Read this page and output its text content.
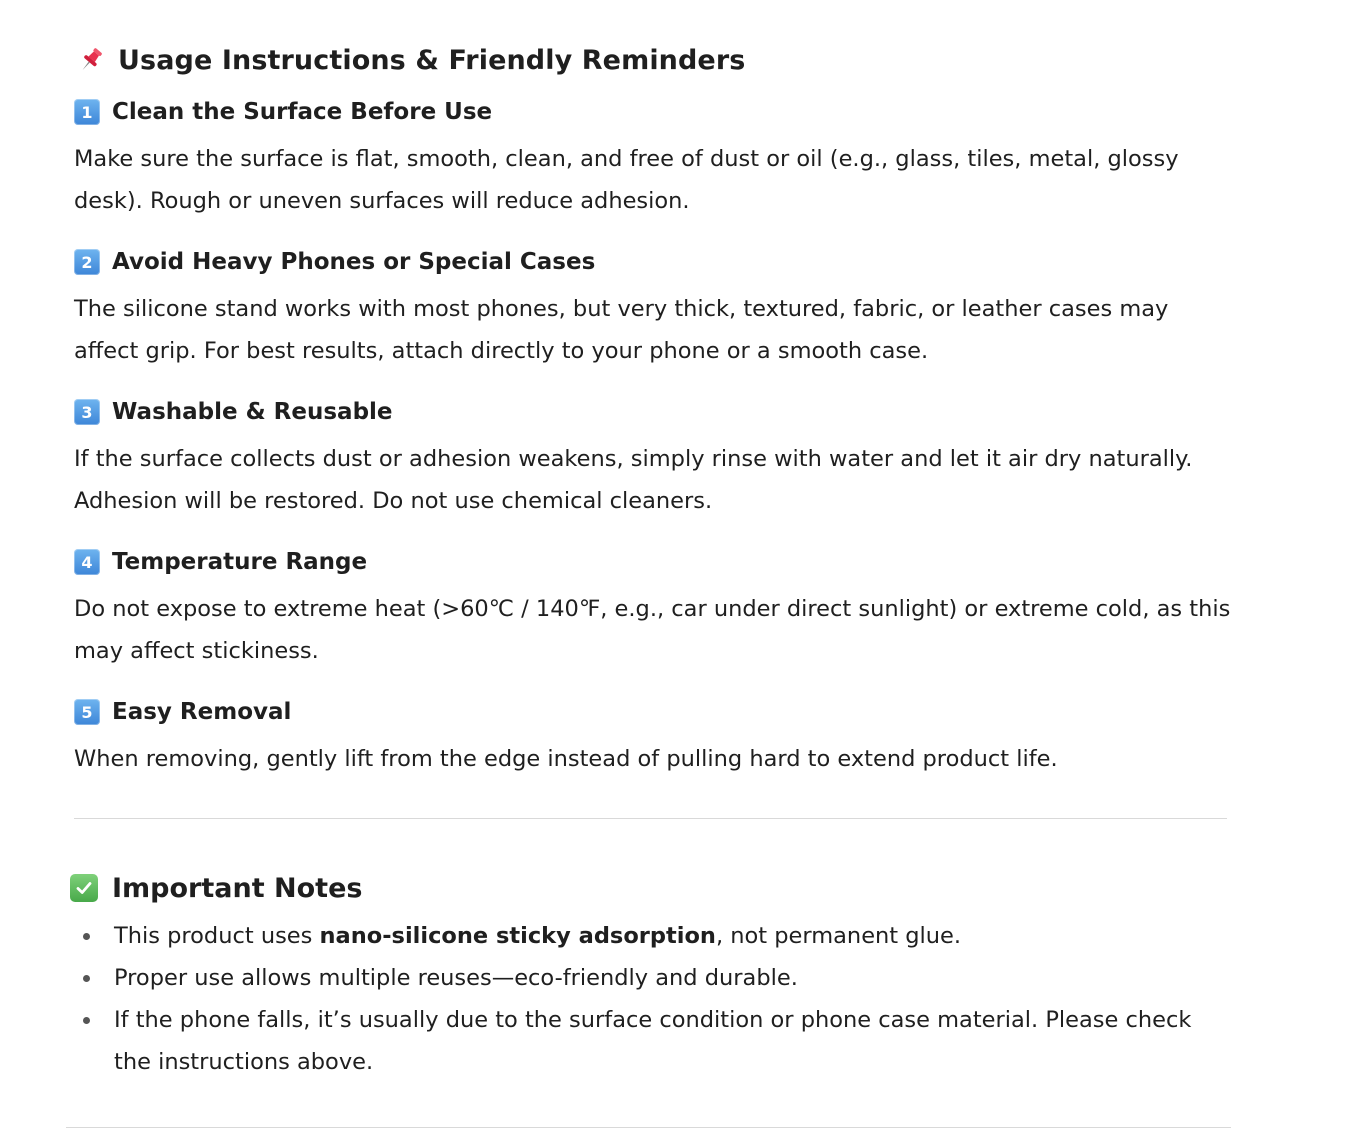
Usage Instructions & Friendly Reminders
1 Clean the Surface Before Use
Make sure the surface is flat, smooth, clean, and free of dust or oil (e.g., glass, tiles, metal, glossy desk). Rough or uneven surfaces will reduce adhesion.
2 Avoid Heavy Phones or Special Cases
The silicone stand works with most phones, but very thick, textured, fabric, or leather cases may affect grip. For best results, attach directly to your phone or a smooth case.
3 Washable & Reusable
If the surface collects dust or adhesion weakens, simply rinse with water and let it air dry naturally. Adhesion will be restored. Do not use chemical cleaners.
4 Temperature Range
Do not expose to extreme heat (>60℃ / 140℉, e.g., car under direct sunlight) or extreme cold, as this may affect stickiness.
5 Easy Removal
When removing, gently lift from the edge instead of pulling hard to extend product life.
Important Notes
This product uses nano-silicone sticky adsorption, not permanent glue.
Proper use allows multiple reuses—eco-friendly and durable.
If the phone falls, it’s usually due to the surface condition or phone case material. Please check the instructions above.
